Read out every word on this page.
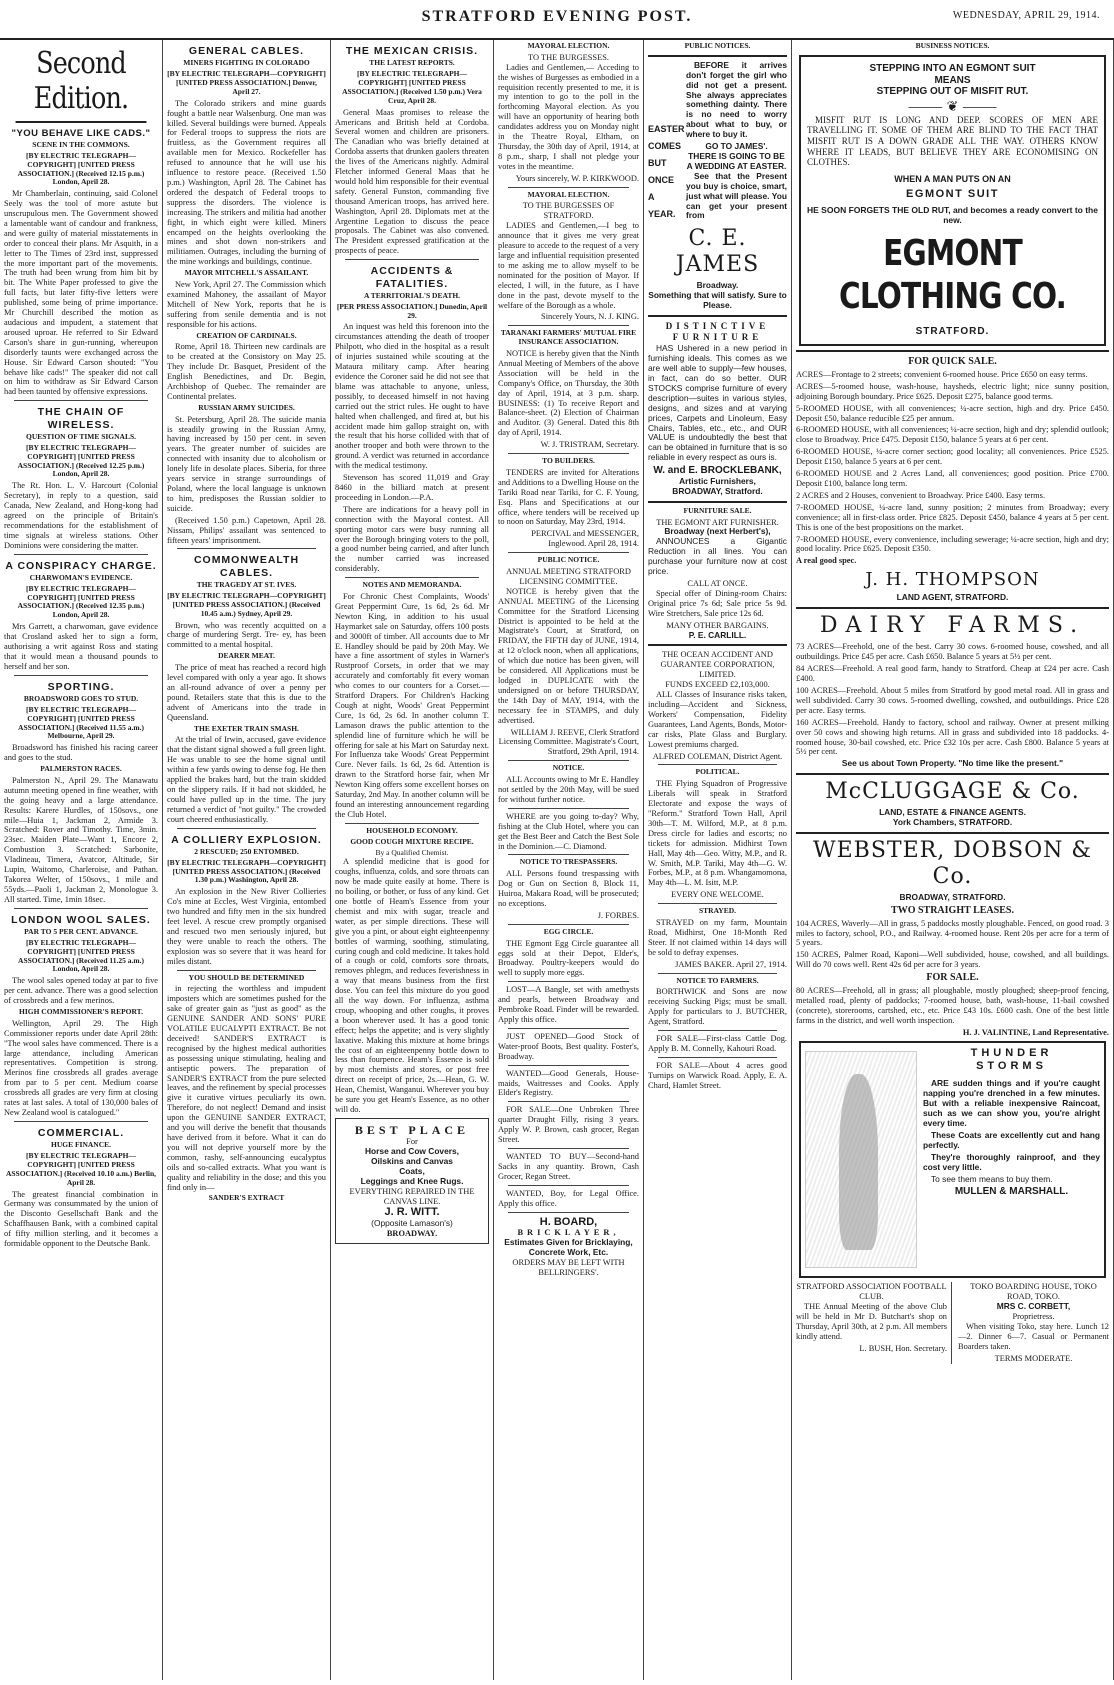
STRATFORD EVENING POST.	WEDNESDAY, APRIL 29, 1914.
Second Edition.
"YOU BEHAVE LIKE CADS."
SCENE IN THE COMMONS.
[BY ELECTRIC TELEGRAPH—COPYRIGHT] [UNITED PRESS ASSOCIATION.] (Received 12.15 p.m.) London, April 28.

Mr Chamberlain, continuing, said Colonel Seely was the tool of more astute but unscrupulous men. The Government showed a lamentable want of candour and frankness, and were guilty of material misstatements in order to conceal their plans. Mr Asquith, in a letter to The Times of 23rd inst, suppressed the more important part of the movements. The truth had been wrung from him bit by bit. The White Paper professed to give the full facts, but later fifty-five letters were published, some being of prime importance. Mr Churchill described the motion as audacious and impudent, a statement that aroused uproar. He referred to Sir Edward Carson's share in gun-running, whereupon disorderly taunts were exchanged across the House. Sir Edward Carson shouted: "You behave like cads!" The speaker did not call on him to withdraw as Sir Edward Carson had been taunted by offensive expressions.

THE CHAIN OF WIRELESS.
QUESTION OF TIME SIGNALS.
[BY ELECTRIC TELEGRAPH—COPYRIGHT] [UNITED PRESS ASSOCIATION.] (Received 12.25 p.m.) London, April 28.

The Rt. Hon. L. V. Harcourt (Colonial Secretary), in reply to a question, said Canada, New Zealand, and Hong-kong had agreed on the principle of Britain's recommendations for the establishment of time signals at wireless stations. Other Dominions were considering the matter.

A CONSPIRACY CHARGE.
CHARWOMAN'S EVIDENCE.
[BY ELECTRIC TELEGRAPH—COPYRIGHT] [UNITED PRESS ASSOCIATION.] (Received 12.35 p.m.) London, April 28.

Mrs Garrett, a charwoman, gave evidence that Crosland asked her to sign a form, authorising a writ against Ross and stating that it would mean a thousand pounds to herself and her son.

SPORTING.
BROADSWORD GOES TO STUD.
[BY ELECTRIC TELEGRAPH—COPYRIGHT] [UNITED PRESS ASSOCIATION.] (Received 11.55 a.m.) Melbourne, April 29.

Broadsword has finished his racing career and goes to the stud.

PALMERSTON RACES.

Palmerston N., April 29. The Manawatu autumn meeting opened in fine weather, with the going heavy and a large attendance. Results: Karere Hurdles, of 150sovs., one mile—Huia 1, Jackman 2, Armide 3. Scratched: Rover and Timothy. Time, 3min. 23sec. Maiden Plate—Want 1, Encore 2, Combustion 3. Scratched: Sarbonite, Vladineau, Timera, Avatcor, Altitude, Sir Lupin, Waitomo, Charleroise, and Pathan. Takorea Welter, of 150sovs., 1 mile and 55yds.—Paoli 1, Jackman 2, Monologue 3. All started. Time, 1min 18sec.

LONDON WOOL SALES.
PAR TO 5 PER CENT. ADVANCE.
[BY ELECTRIC TELEGRAPH—COPYRIGHT] [UNITED PRESS ASSOCIATION.] (Received 11.25 a.m.) London, April 28.

The wool sales opened today at par to five per cent. advance. There was a good selection of crossbreds and a few merinos.

HIGH COMMISSIONER'S REPORT.

Wellington, April 29. The High Commissioner reports under date April 28th: "The wool sales have commenced. There is a large attendance, including American representatives. Competition is strong. Merinos fine crossbreds all grades average from par to 5 per cent. Medium coarse crossbreds all grades are very firm at closing rates at last sales. A total of 130,000 bales of New Zealand wool is catalogued."

COMMERCIAL.
HUGE FINANCE.
[BY ELECTRIC TELEGRAPH—COPYRIGHT] [UNITED PRESS ASSOCIATION.] (Received 10.10 a.m.) Berlin, April 28.

The greatest financial combination in Germany was consummated by the union of the Disconto Gesellschaft Bank and the Schaffhausen Bank, with a combined capital of fifty million sterling, and it becomes a formidable opponent to the Deutsche Bank.

GENERAL CABLES.
MINERS FIGHTING IN COLORADO
[BY ELECTRIC TELEGRAPH—COPYRIGHT] [UNITED PRESS ASSOCIATION.] Denver, April 27.

The Colorado strikers and mine guards fought a battle near Walsenburg. One man was killed. Several buildings were burned. Appeals for Federal troops to suppress the riots are fruitless, as the Government requires all available men for Mexico. Rockefeller has refused to announce that he will use his influence to restore peace. (Received 1.50 p.m.) Washington, April 28. The Cabinet has ordered the despatch of Federal troops to suppress the disorders. The violence is increasing. The strikers and militia had another fight, in which eight were killed. Miners encamped on the heights overlooking the mines and shot down non-strikers and militiamen. Outrages, including the burning of the mine workings and buildings, continue.

MAYOR MITCHELL'S ASSAILANT.

New York, April 27. The Commission which examined Mahoney, the assailant of Mayor Mitchell of New York, reports that he is suffering from senile dementia and is not responsible for his actions.

CREATION OF CARDINALS.

Rome, April 18. Thirteen new cardinals are to be created at the Consistory on May 25. They include Dr. Basquet, President of the English Benedictines, and Dr. Begin, Archbishop of Quebec. The remainder are Continental prelates.

RUSSIAN ARMY SUICIDES.

St. Petersburg, April 28. The suicide mania is steadily growing in the Russian Army, having increased by 150 per cent. in seven years. The greater number of suicides are connected with insanity due to alcoholism or lonely life in desolate places. Siberia, for three years service in strange surroundings of Poland, where the local language is unknown to him, predisposes the Russian soldier to suicide.

(Received 1.50 p.m.) Capetown, April 28. Nissam, Philips' assailant was sentenced to fifteen years' imprisonment.

COMMONWEALTH CABLES.
THE TRAGEDY AT ST. IVES.
[BY ELECTRIC TELEGRAPH—COPYRIGHT] [UNITED PRESS ASSOCIATION.] (Received 10.45 a.m.) Sydney, April 29.

Brown, who was recently acquitted on a charge of murdering Sergt. Tre- ey, has been committed to a mental hospital.

DEARER MEAT.

The price of meat has reached a record high level compared with only a year ago. It shows an all-round advance of over a penny per pound. Retailers state that this is due to the advent of Americans into the trade in Queensland.

THE EXETER TRAIN SMASH.

At the trial of Irwin, accused, gave evidence that the distant signal showed a full green light. He was unable to see the home signal until within a few yards owing to dense fog. He then applied the brakes hard, but the train skidded on the slippery rails. If it had not skidded, he could have pulled up in the time. The jury returned a verdict of "not guilty." The crowded court cheered enthusiastically.

A COLLIERY EXPLOSION.
2 RESCUED; 250 ENTOMBED.
[BY ELECTRIC TELEGRAPH—COPYRIGHT] [UNITED PRESS ASSOCIATION.] (Received 1.30 p.m.) Washington, April 28.

An explosion in the New River Collieries Co's mine at Eccles, West Virginia, entombed two hundred and fifty men in the six hundred feet level. A rescue crew promptly organised and rescued two men seriously injured, but they were unable to reach the others. The explosion was so severe that it was heard for miles distant.

YOU SHOULD BE DETERMINED

in rejecting the worthless and impudent imposters which are sometimes pushed for the sake of greater gain as "just as good" as the GENUINE SANDER AND SONS' PURE VOLATILE EUCALYPTI EXTRACT. Be not deceived! SANDER'S EXTRACT is recognised by the highest medical authorities as possessing unique stimulating, healing and antiseptic powers. The preparation of SANDER'S EXTRACT from the pure selected leaves, and the refinement by special processes give it curative virtues peculiarly its own. Therefore, do not neglect! Demand and insist upon the GENUINE SANDER EXTRACT, and you will derive the benefit that thousands have derived from it before. What it can do you will not deprive yourself more by the common, rashy, self-announcing eucalyptus oils and so-called extracts. What you want is quality and reliability in the dose; and this you find only in—

SANDER'S EXTRACT
THE MEXICAN CRISIS.
THE LATEST REPORTS.
[BY ELECTRIC TELEGRAPH—COPYRIGHT] [UNITED PRESS ASSOCIATION.] (Received 1.50 p.m.) Vera Cruz, April 28.

General Maas promises to release the Americans and British held at Cordoba. Several women and children are prisoners. The Canadian who was briefly detained at Cordoba asserts that drunken gaolers threaten the lives of the Americans nightly. Admiral Fletcher informed General Maas that he would hold him responsible for their eventual safety. General Funston, commanding five thousand American troops, has arrived here. Washington, April 28. Diplomats met at the Argentine Legation to discuss the peace proposals. The Cabinet was also convened. The President expressed gratification at the prospects of peace.

ACCIDENTS & FATALITIES.
A TERRITORIAL'S DEATH.
[PER PRESS ASSOCIATION.] Dunedin, April 29.

An inquest was held this forenoon into the circumstances attending the death of trooper Philpott, who died in the hospital as a result of injuries sustained while scouting at the Mataura military camp. After hearing evidence the Coroner said he did not see that blame was attachable to anyone, unless, possibly, to deceased himself in not having carried out the strict rules. He ought to have halted when challenged, and fired at, but his accident made him gallop straight on, with the result that his horse collided with that of another trooper and both were thrown to the ground. A verdict was returned in accordance with the medical testimony.

Stevenson has scored 11,019 and Gray 8460 in the billiard match at present proceeding in London.—P.A.

There are indications for a heavy poll in connection with the Mayoral contest. All sporting motor cars were busy running all over the Borough bringing voters to the poll, a good number being carried, and after lunch the number carried was increased considerably.

NOTES AND MEMORANDA.

For Chronic Chest Complaints, Woods' Great Peppermint Cure, 1s 6d, 2s 6d. Mr Newton King, in addition to his usual Haymarket sale on Saturday, offers 100 posts and 3000ft of timber. All accounts due to Mr E. Handley should be paid by 20th May. We have a fine assortment of styles in Warner's Rustproof Corsets, in order that we may accurately and comfortably fit every woman who comes to our counters for a Corset.—Stratford Drapers. For Children's Hacking Cough at night, Woods' Great Peppermint Cure, 1s 6d, 2s 6d. In another column T. Lamason draws the public attention to the splendid line of furniture which he will be offering for sale at his Mart on Saturday next. For Influenza take Woods' Great Peppermint Cure. Never fails. 1s 6d, 2s 6d. Attention is drawn to the Stratford horse fair, when Mr Newton King offers some excellent horses on Saturday, 2nd May. In another column will be found an interesting announcement regarding the Club Hotel.

HOUSEHOLD ECONOMY.
GOOD COUGH MIXTURE RECIPE.
By a Qualified Chemist.

A splendid medicine that is good for coughs, influenza, colds, and sore throats can now be made quite easily at home. There is no boiling, or bother, or fuss of any kind. Get one bottle of Heam's Essence from your chemist and mix with sugar, treacle and water, as per simple directions. These will give you a pint, or about eight eighteenpenny bottles of warming, soothing, stimulating, curing cough and cold medicine. It takes hold of a cough or cold, comforts sore throats, removes phlegm, and reduces feverishness in a way that means business from the first dose. You can feel this mixture do you good all the way down. For influenza, asthma croup, whooping and other coughs, it proves a boon wherever used. It has a good tonic effect; helps the appetite; and is very slightly laxative. Making this mixture at home brings the cost of an eighteenpenny bottle down to less than fourpence. Heam's Essence is sold by most chemists and stores, or post free direct on receipt of price, 2s.—Hean, G. W. Hean, Chemist, Wanganui. Wherever you buy be sure you get Heam's Essence, as no other will do.

BEST PLACE
For
Horse and Cow Covers,
Oilskins and Canvas
Coats,
Leggings and Knee Rugs.
EVERYTHING REPAIRED IN THE CANVAS LINE.
J. R. WITT.
(Opposite Lamason's)
BROADWAY.
MAYORAL ELECTION.
TO THE BURGESSES.

Ladies and Gentlemen,— Acceding to the wishes of Burgesses as embodied in a requisition recently presented to me, it is my intention to go to the poll in the forthcoming Mayoral election. As you will have an opportunity of hearing both candidates address you on Monday night in the Theatre Royal, Eltham, on Thursday, the 30th day of April, 1914, at 8 p.m., sharp, I shall not pledge your votes in the meantime.

Yours sincerely, W. P. KIRKWOOD.
MAYORAL ELECTION.
TO THE BURGESSES OF STRATFORD.

LADIES and Gentlemen,—I beg to announce that it gives me very great pleasure to accede to the request of a very large and influential requisition presented to me asking me to allow myself to be nominated for the position of Mayor. If elected, I will, in the future, as I have done in the past, devote myself to the welfare of the Borough as a whole.

Sincerely Yours, N. J. KING.
TARANAKI FARMERS' MUTUAL FIRE INSURANCE ASSOCIATION.

NOTICE is hereby given that the Ninth Annual Meeting of Members of the above Association will be held in the Company's Office, on Thursday, the 30th day of April, 1914, at 3 p.m. sharp. BUSINESS: (1) To receive Report and Balance-sheet. (2) Election of Chairman and Auditor. (3) General. Dated this 8th day of April, 1914.

W. J. TRISTRAM, Secretary.
TO BUILDERS.

TENDERS are invited for Alterations and Additions to a Dwelling House on the Tariki Road near Tariki, for C. F. Young, Esq. Plans and Specifications at our office, where tenders will be received up to noon on Saturday, May 23rd, 1914.

PERCIVAL and MESSENGER, Inglewood. April 28, 1914.
PUBLIC NOTICE.
ANNUAL MEETING STRATFORD LICENSING COMMITTEE.

NOTICE is hereby given that the ANNUAL MEETING of the Licensing Committee for the Stratford Licensing District is appointed to be held at the Magistrate's Court, at Stratford, on FRIDAY, the FIFTH day of JUNE, 1914, at 12 o'clock noon, when all applications, of which due notice has been given, will be considered. All Applications must be lodged in DUPLICATE with the undersigned on or before THURSDAY, the 14th Day of MAY, 1914, with the necessary fee in STAMPS, and duly advertised.

WILLIAM J. REEVE, Clerk Stratford Licensing Committee. Magistrate's Court, Stratford, 29th April, 1914.
NOTICE.

ALL Accounts owing to Mr E. Handley not settled by the 20th May, will be sued for without further notice.

WHERE are you going to-day? Why, fishing at the Club Hotel, where you can get the Best Beer and Catch the Best Sole in the Dominion.—C. Diamond.

NOTICE TO TRESPASSERS.

ALL Persons found trespassing with Dog or Gun on Section 8, Block 11, Huiroa, Makara Road, will be prosecuted; no exceptions.

J. FORBES.
EGG CIRCLE.

THE Egmont Egg Circle guarantee all eggs sold at their Depot, Elder's, Broadway. Poultry-keepers would do well to supply more eggs.

LOST—A Bangle, set with amethysts and pearls, between Broadway and Pembroke Road. Finder will be rewarded. Apply this office.

JUST OPENED—Good Stock of Water-proof Boots, Best quality. Foster's, Broadway.

WANTED—Good Generals, House-maids, Waitresses and Cooks. Apply Elder's Registry.

FOR SALE—One Unbroken Three quarter Draught Filly, rising 3 years. Apply W. P. Brown, cash grocer, Regan Street.

WANTED TO BUY—Second-hand Sacks in any quantity. Brown, Cash Grocer, Regan Street.

WANTED, Boy, for Legal Office. Apply this office.

H. BOARD,
BRICKLAYER,
Estimates Given for Bricklaying, Concrete Work, Etc.
ORDERS MAY BE LEFT WITH BELLRINGERS'.
PUBLIC NOTICES.
EASTER
COMES
BUT
ONCE
A YEAR.

BEFORE it arrives don't forget the girl who did not get a present. She always appreciates something dainty. There is no need to worry about what to buy, or where to buy it.

GO TO JAMES'.
THERE IS GOING TO BE A WEDDING AT EASTER.

See that the Present you buy is choice, smart, just what will please. You can get your present from

C. E. JAMES
Broadway.
Something that will satisfy. Sure to Please.
DISTINCTIVE FURNITURE

HAS Ushered in a new period in furnishing ideals. This comes as we are well able to supply—few houses, in fact, can do so better. OUR STOCKS comprise furniture of every description—suites in various styles, designs, and sizes and at varying prices, Carpets and Linoleum, Easy Chairs, Tables, etc., etc., and OUR VALUE is undoubtedly the best that can be obtained in furniture that is so reliable in every respect as ours is.

W. and E. BROCKLEBANK,
Artistic Furnishers,
BROADWAY, Stratford.
FURNITURE SALE.
THE EGMONT ART FURNISHER.
Broadway (next Herbert's),

ANNOUNCES a Gigantic Reduction in all lines. You can purchase your furniture now at cost price.

CALL AT ONCE.

Special offer of Dining-room Chairs: Original price 7s 6d; Sale price 5s 9d. Wire Stretchers, Sale price 12s 6d.

MANY OTHER BARGAINS.
P. E. CARLILL.
THE OCEAN ACCIDENT AND GUARANTEE CORPORATION, LIMITED.
FUNDS EXCEED £2,103,000.

ALL Classes of Insurance risks taken, including—Accident and Sickness, Workers' Compensation, Fidelity Guarantees, Land Agents, Bonds, Motor-car risks, Plate Glass and Burglary. Lowest premiums charged.

ALFRED COLEMAN, District Agent.
POLITICAL.

THE Flying Squadron of Progressive Liberals will speak in Stratford Electorate and expose the ways of "Reform." Stratford Town Hall, April 30th—T. M. Wilford, M.P., at 8 p.m. Dress circle for ladies and escorts; no tickets for admission. Midhirst Town Hall, May 4th—Geo. Witty, M.P., and R. W. Smith, M.P. Tariki, May 4th—G. W. Forbes, M.P., at 8 p.m. Whangamomona, May 4th—L. M. Isitt, M.P.

EVERY ONE WELCOME.
STRAYED.

STRAYED on my farm, Mountain Road, Midhirst, One 18-Month Red Steer. If not claimed within 14 days will be sold to defray expenses.

JAMES BAKER. April 27, 1914.
NOTICE TO FARMERS.

BORTHWICK and Sons are now receiving Sucking Pigs; must be small. Apply for particulars to J. BUTCHER, Agent, Stratford.

FOR SALE—First-class Cattle Dog. Apply B. M. Connelly, Kahouri Road.

FOR SALE—About 4 acres good Turnips on Warwick Road. Apply, E. A. Chard, Hamlet Street.

BUSINESS NOTICES.
STEPPING INTO AN EGMONT SUIT
MEANS
STEPPING OUT OF MISFIT RUT.
⸻ ❦ ⸻

MISFIT RUT IS LONG AND DEEP. SCORES OF MEN ARE TRAVELLING IT. SOME OF THEM ARE BLIND TO THE FACT THAT MISFIT RUT IS A DOWN GRADE ALL THE WAY. OTHERS KNOW WHERE IT LEADS, BUT BELIEVE THEY ARE ECONOMISING ON CLOTHES.

WHEN A MAN PUTS ON AN
EGMONT SUIT
HE SOON FORGETS THE OLD RUT, and becomes a ready convert to the new.
EGMONT CLOTHING CO.
STRATFORD.
FOR QUICK SALE.

ACRES—Frontage to 2 streets; convenient 6-roomed house. Price £650 on easy terms.

ACRES—5-roomed house, wash-house, haysheds, electric light; nice sunny position, adjoining Borough boundary. Price £625. Deposit £275, balance good terms.

5-ROOMED HOUSE, with all conveniences; ¼-acre section, high and dry. Price £450. Deposit £50, balance reducible £25 per annum.

6-ROOMED HOUSE, with all conveniences; ¼-acre section, high and dry; splendid outlook; close to Broadway. Price £475. Deposit £150, balance 5 years at 6 per cent.

6-ROOMED HOUSE, ¼-acre corner section; good locality; all conveniences. Price £525. Deposit £150, balance 5 years at 6 per cent.

6-ROOMED HOUSE and 2 Acres Land, all conveniences; good position. Price £700. Deposit £100, balance long term.

2 ACRES and 2 Houses, convenient to Broadway. Price £400. Easy terms.

7-ROOMED HOUSE, ¼-acre land, sunny position; 2 minutes from Broadway; every convenience; all in first-class order. Price £825. Deposit £450, balance 4 years at 5 per cent. This is one of the best propositions on the market.

7-ROOMED HOUSE, every convenience, including sewerage; ¼-acre section, high and dry; good locality. Price £625. Deposit £350.

A real good spec.

J. H. THOMPSON
LAND AGENT, STRATFORD.
DAIRY FARMS.

73 ACRES—Freehold, one of the best. Carry 30 cows. 6-roomed house, cowshed, and all outbuildings. Price £45 per acre. Cash £650. Balance 5 years at 5½ per cent.

84 ACRES—Freehold. A real good farm, handy to Stratford. Cheap at £24 per acre. Cash £400.

100 ACRES—Freehold. About 5 miles from Stratford by good metal road. All in grass and well subdivided. Carry 30 cows. 5-roomed dwelling, cowshed, and outbuildings. Price £28 per acre. Easy terms.

160 ACRES—Freehold. Handy to factory, school and railway. Owner at present milking over 50 cows and showing high returns. All in grass and subdivided into 18 paddocks. 4-roomed house, 30-bail cowshed, etc. Price £32 10s per acre. Cash £800. Balance 5 years at 5½ per cent.

See us about Town Property. "No time like the present."
McCLUGGAGE & Co.
LAND, ESTATE & FINANCE AGENTS.
York Chambers, STRATFORD.
WEBSTER, DOBSON & Co.
BROADWAY, STRATFORD.
TWO STRAIGHT LEASES.

104 ACRES, Waverly—All in grass, 5 paddocks mostly ploughable. Fenced, on good road. 3 miles to factory, school, P.O., and Railway. 4-roomed house. Rent 20s per acre for a term of 5 years.

150 ACRES, Palmer Road, Kaponi—Well subdivided, house, cowshed, and all buildings. Will do 70 cows well. Rent 42s 6d per acre for 3 years.

FOR SALE.

80 ACRES—Freehold, all in grass; all ploughable, mostly ploughed; sheep-proof fencing, metalled road, plenty of paddocks; 7-roomed house, bath, wash-house, 11-bail cowshed (concrete), storerooms, cartshed, etc., etc. Price £43 10s. £600 cash. One of the best little farms in the district, and well worth inspection.

H. J. VALINTINE, Land Representative.
THUNDER
STORMS

ARE sudden things and if you're caught napping you're drenched in a few minutes. But with a reliable inexpensive Raincoat, such as we can show you, you're alright every time.

These Coats are excellently cut and hang perfectly.

They're thoroughly rainproof, and they cost very little.

To see them means to buy them.

MULLEN & MARSHALL.
STRATFORD ASSOCIATION FOOTBALL CLUB.

THE Annual Meeting of the above Club will be held in Mr D. Butchart's shop on Thursday, April 30th, at 2 p.m. All members kindly attend.

L. BUSH, Hon. Secretary.
TOKO BOARDING HOUSE, TOKO ROAD, TOKO.
MRS C. CORBETT,
Proprietress.

When visiting Toko, stay here. Lunch 12—2. Dinner 6—7. Casual or Permanent Boarders taken.

TERMS MODERATE.
